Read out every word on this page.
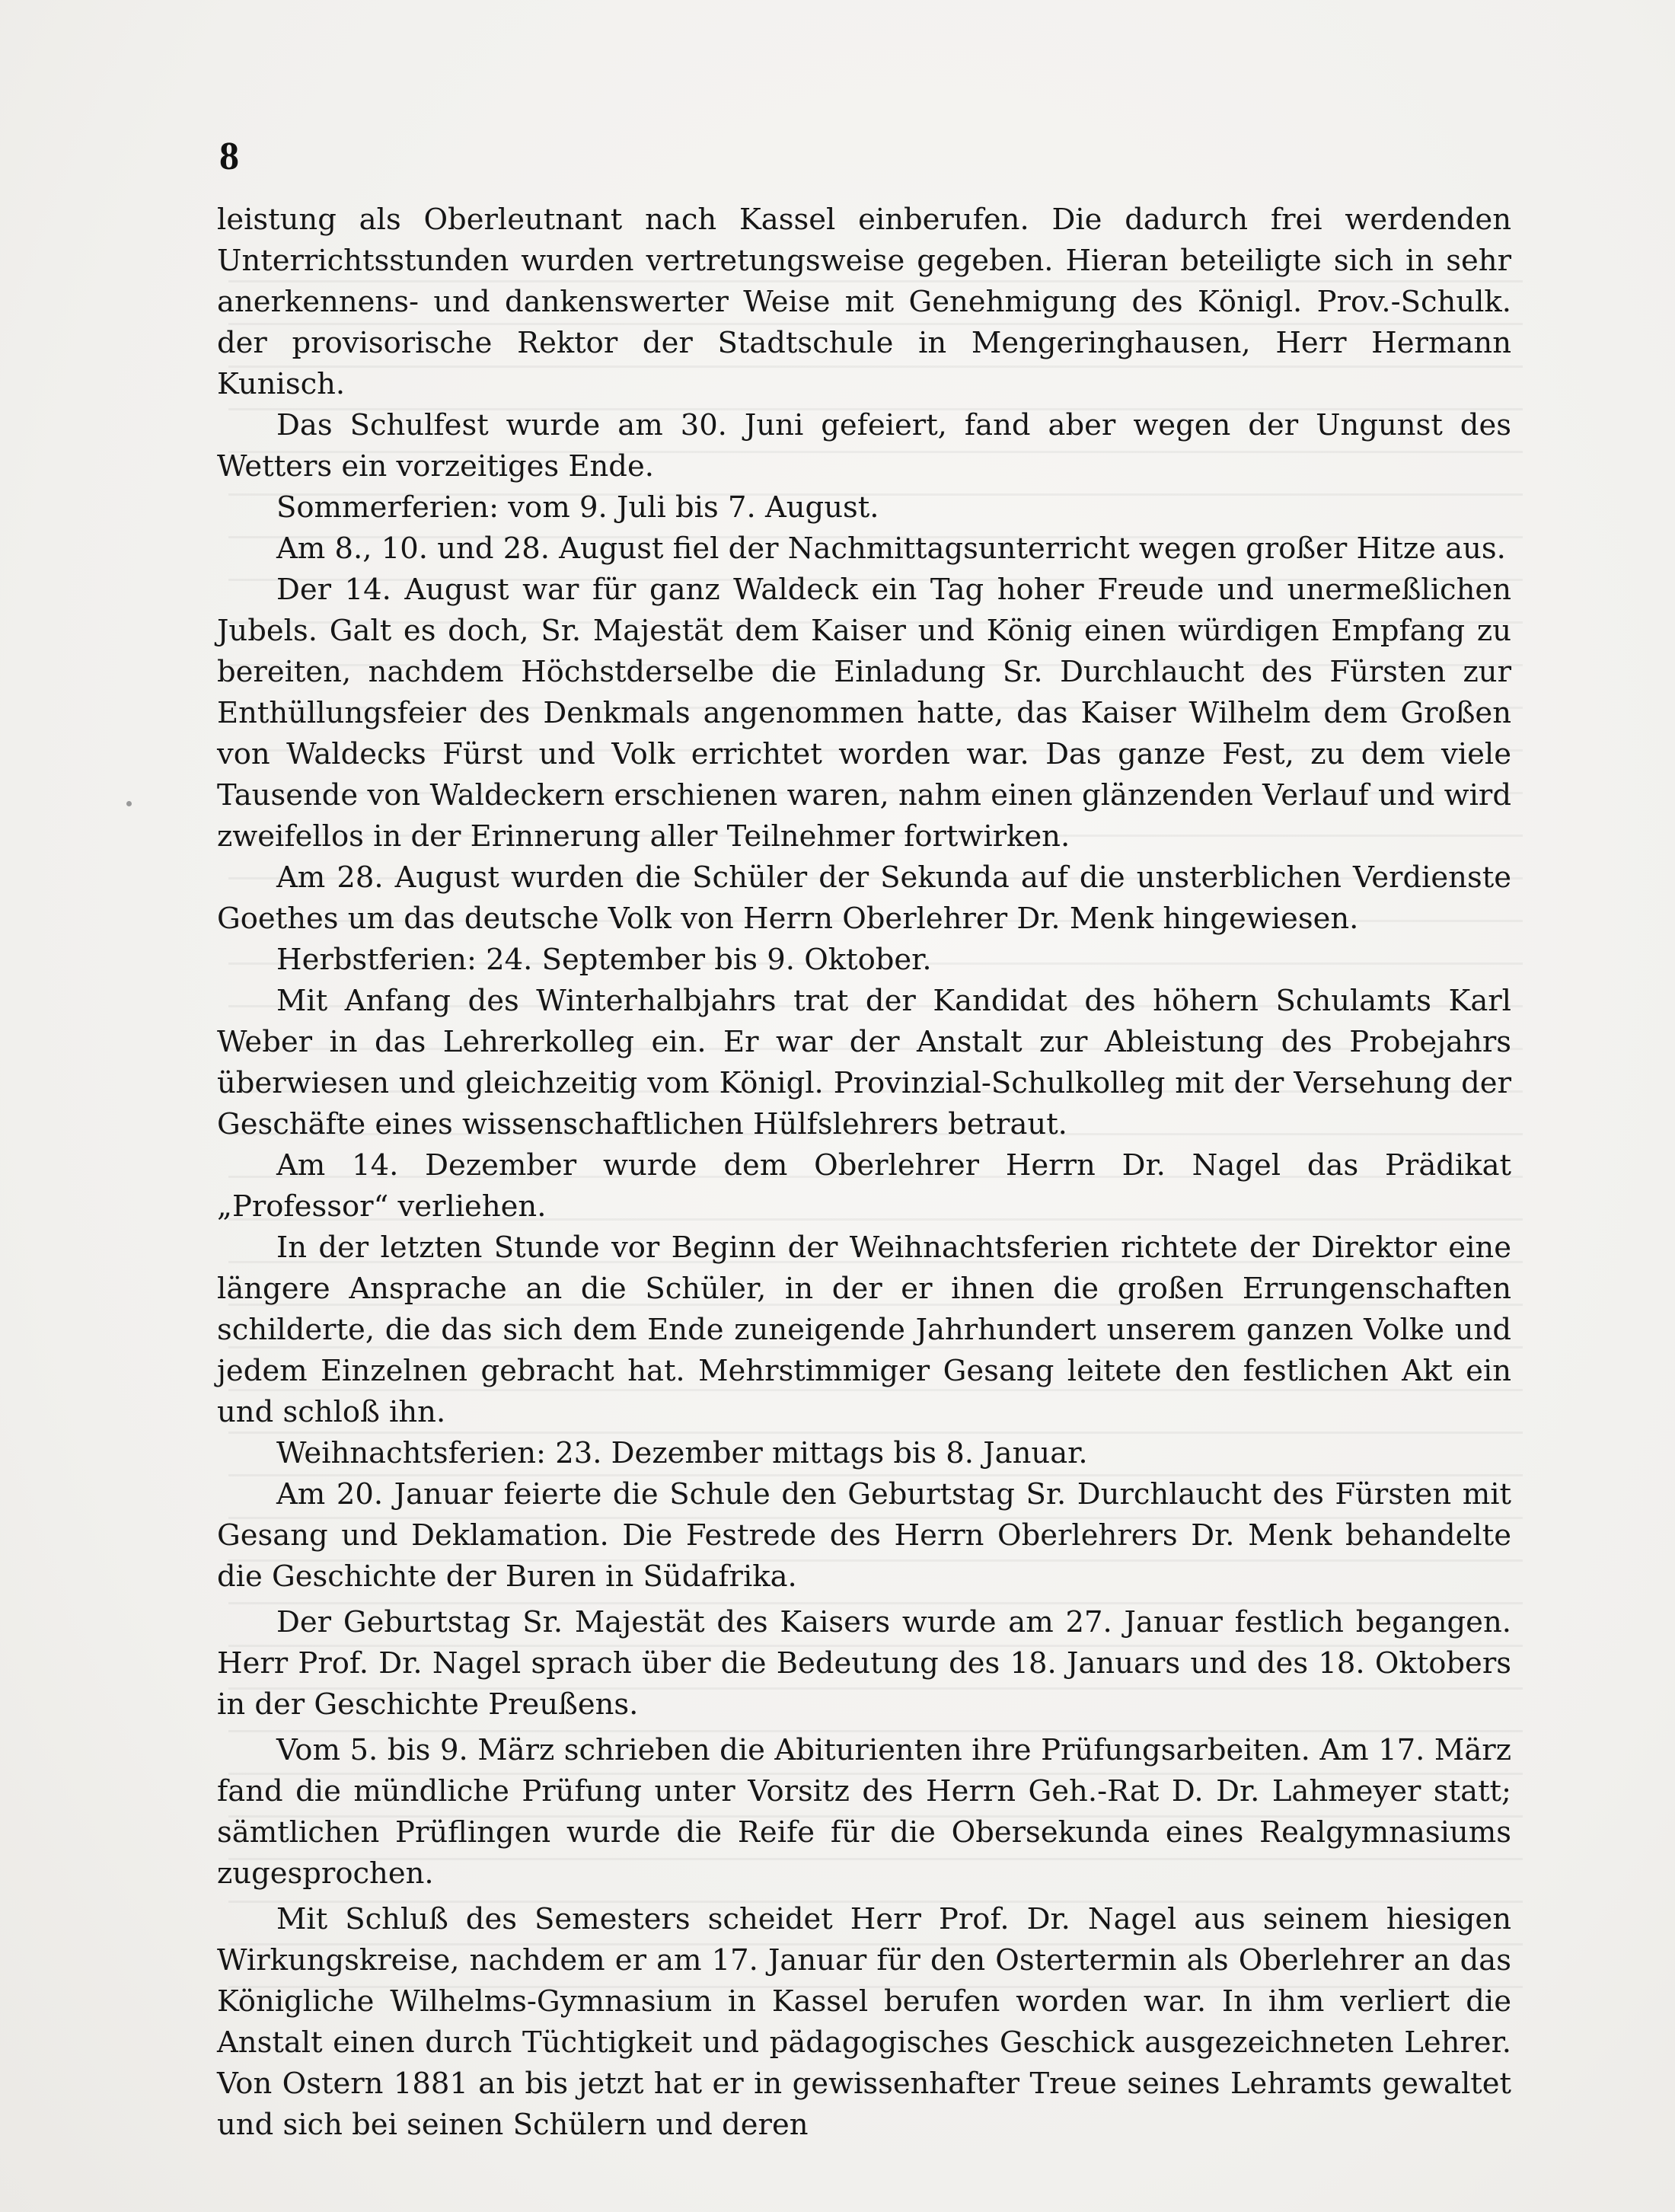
8

leistung als Oberleutnant nach Kassel einberufen. Die dadurch frei werdenden Unterrichtsstunden wurden vertretungsweise gegeben. Hieran beteiligte sich in sehr anerkennens- und dankenswerter Weise mit Genehmigung des Königl. Prov.-Schulk. der provisorische Rektor der Stadtschule in Mengeringhausen, Herr Hermann Kunisch.

Das Schulfest wurde am 30. Juni gefeiert, fand aber wegen der Ungunst des Wetters ein vorzeitiges Ende.

Sommerferien: vom 9. Juli bis 7. August.

Am 8., 10. und 28. August fiel der Nachmittagsunterricht wegen großer Hitze aus.

Der 14. August war für ganz Waldeck ein Tag hoher Freude und unermeßlichen Jubels. Galt es doch, Sr. Majestät dem Kaiser und König einen würdigen Empfang zu bereiten, nachdem Höchstderselbe die Einladung Sr. Durchlaucht des Fürsten zur Enthüllungsfeier des Denkmals angenommen hatte, das Kaiser Wilhelm dem Großen von Waldecks Fürst und Volk errichtet worden war. Das ganze Fest, zu dem viele Tausende von Waldeckern erschienen waren, nahm einen glänzenden Verlauf und wird zweifellos in der Erinnerung aller Teilnehmer fortwirken.

Am 28. August wurden die Schüler der Sekunda auf die unsterblichen Verdienste Goethes um das deutsche Volk von Herrn Oberlehrer Dr. Menk hingewiesen.

Herbstferien: 24. September bis 9. Oktober.

Mit Anfang des Winterhalbjahrs trat der Kandidat des höhern Schulamts Karl Weber in das Lehrerkolleg ein. Er war der Anstalt zur Ableistung des Probejahrs überwiesen und gleichzeitig vom Königl. Provinzial-Schulkolleg mit der Versehung der Geschäfte eines wissenschaftlichen Hülfslehrers betraut.

Am 14. Dezember wurde dem Oberlehrer Herrn Dr. Nagel das Prädikat „Professor“ verliehen.

In der letzten Stunde vor Beginn der Weihnachtsferien richtete der Direktor eine längere Ansprache an die Schüler, in der er ihnen die großen Errungenschaften schilderte, die das sich dem Ende zuneigende Jahrhundert unserem ganzen Volke und jedem Einzelnen gebracht hat. Mehrstimmiger Gesang leitete den festlichen Akt ein und schloß ihn.

Weihnachtsferien: 23. Dezember mittags bis 8. Januar.

Am 20. Januar feierte die Schule den Geburtstag Sr. Durchlaucht des Fürsten mit Gesang und Deklamation. Die Festrede des Herrn Oberlehrers Dr. Menk behandelte die Geschichte der Buren in Südafrika.

Der Geburtstag Sr. Majestät des Kaisers wurde am 27. Januar festlich begangen. Herr Prof. Dr. Nagel sprach über die Bedeutung des 18. Januars und des 18. Oktobers in der Geschichte Preußens.

Vom 5. bis 9. März schrieben die Abiturienten ihre Prüfungsarbeiten. Am 17. März fand die mündliche Prüfung unter Vorsitz des Herrn Geh.-Rat D. Dr. Lahmeyer statt; sämtlichen Prüflingen wurde die Reife für die Obersekunda eines Realgymnasiums zugesprochen.

Mit Schluß des Semesters scheidet Herr Prof. Dr. Nagel aus seinem hiesigen Wirkungskreise, nachdem er am 17. Januar für den Ostertermin als Oberlehrer an das Königliche Wilhelms-Gymnasium in Kassel berufen worden war. In ihm verliert die Anstalt einen durch Tüchtigkeit und pädagogisches Geschick ausgezeichneten Lehrer. Von Ostern 1881 an bis jetzt hat er in gewissenhafter Treue seines Lehramts gewaltet und sich bei seinen Schülern und deren
